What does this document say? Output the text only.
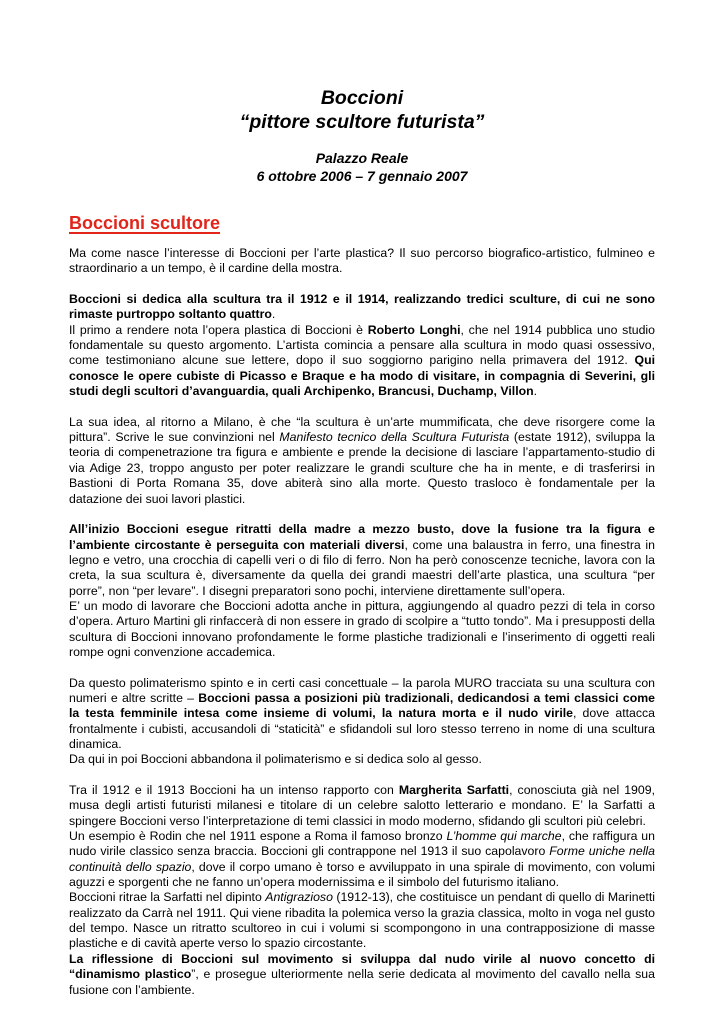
Boccioni
“pittore scultore futurista”
Palazzo Reale
6 ottobre 2006 – 7 gennaio 2007
Boccioni scultore

Ma come nasce l’interesse di Boccioni per l’arte plastica? Il suo percorso biografico-artistico, fulmineo e straordinario a un tempo, è il cardine della mostra.

Boccioni si dedica alla scultura tra il 1912 e il 1914, realizzando tredici sculture, di cui ne sono rimaste purtroppo soltanto quattro.

Il primo a rendere nota l’opera plastica di Boccioni è Roberto Longhi, che nel 1914 pubblica uno studio fondamentale su questo argomento. L’artista comincia a pensare alla scultura in modo quasi ossessivo, come testimoniano alcune sue lettere, dopo il suo soggiorno parigino nella primavera del 1912. Qui conosce le opere cubiste di Picasso e Braque e ha modo di visitare, in compagnia di Severini, gli studi degli scultori d’avanguardia, quali Archipenko, Brancusi, Duchamp, Villon.

La sua idea, al ritorno a Milano, è che “la scultura è un’arte mummificata, che deve risorgere come la pittura”. Scrive le sue convinzioni nel Manifesto tecnico della Scultura Futurista (estate 1912), sviluppa la teoria di compenetrazione tra figura e ambiente e prende la decisione di lasciare l’appartamento-studio di via Adige 23, troppo angusto per poter realizzare le grandi sculture che ha in mente, e di trasferirsi in Bastioni di Porta Romana 35, dove abiterà sino alla morte. Questo trasloco è fondamentale per la datazione dei suoi lavori plastici.

All’inizio Boccioni esegue ritratti della madre a mezzo busto, dove la fusione tra la figura e l’ambiente circostante è perseguita con materiali diversi, come una balaustra in ferro, una finestra in legno e vetro, una crocchia di capelli veri o di filo di ferro. Non ha però conoscenze tecniche, lavora con la creta, la sua scultura è, diversamente da quella dei grandi maestri dell’arte plastica, una scultura “per porre”, non “per levare”. I disegni preparatori sono pochi, interviene direttamente sull’opera.

E’ un modo di lavorare che Boccioni adotta anche in pittura, aggiungendo al quadro pezzi di tela in corso d’opera. Arturo Martini gli rinfaccerà di non essere in grado di scolpire a “tutto tondo”. Ma i presupposti della scultura di Boccioni innovano profondamente le forme plastiche tradizionali e l’inserimento di oggetti reali rompe ogni convenzione accademica.

Da questo polimaterismo spinto e in certi casi concettuale – la parola MURO tracciata su una scultura con numeri e altre scritte – Boccioni passa a posizioni più tradizionali, dedicandosi a temi classici come la testa femminile intesa come insieme di volumi, la natura morta e il nudo virile, dove attacca frontalmente i cubisti, accusandoli di “staticità” e sfidandoli sul loro stesso terreno in nome di una scultura dinamica.

Da qui in poi Boccioni abbandona il polimaterismo e si dedica solo al gesso.

Tra il 1912 e il 1913 Boccioni ha un intenso rapporto con Margherita Sarfatti, conosciuta già nel 1909, musa degli artisti futuristi milanesi e titolare di un celebre salotto letterario e mondano. E’ la Sarfatti a spingere Boccioni verso l’interpretazione di temi classici in modo moderno, sfidando gli scultori più celebri.

Un esempio è Rodin che nel 1911 espone a Roma il famoso bronzo L’homme qui marche, che raffigura un nudo virile classico senza braccia. Boccioni gli contrappone nel 1913 il suo capolavoro Forme uniche nella continuità dello spazio, dove il corpo umano è torso e avviluppato in una spirale di movimento, con volumi aguzzi e sporgenti che ne fanno un’opera modernissima e il simbolo del futurismo italiano.

Boccioni ritrae la Sarfatti nel dipinto Antigrazioso (1912-13), che costituisce un pendant di quello di Marinetti realizzato da Carrà nel 1911. Qui viene ribadita la polemica verso la grazia classica, molto in voga nel gusto del tempo. Nasce un ritratto scultoreo in cui i volumi si scompongono in una contrapposizione di masse plastiche e di cavità aperte verso lo spazio circostante.

La riflessione di Boccioni sul movimento si sviluppa dal nudo virile al nuovo concetto di “dinamismo plastico”, e prosegue ulteriormente nella serie dedicata al movimento del cavallo nella sua fusione con l’ambiente.
